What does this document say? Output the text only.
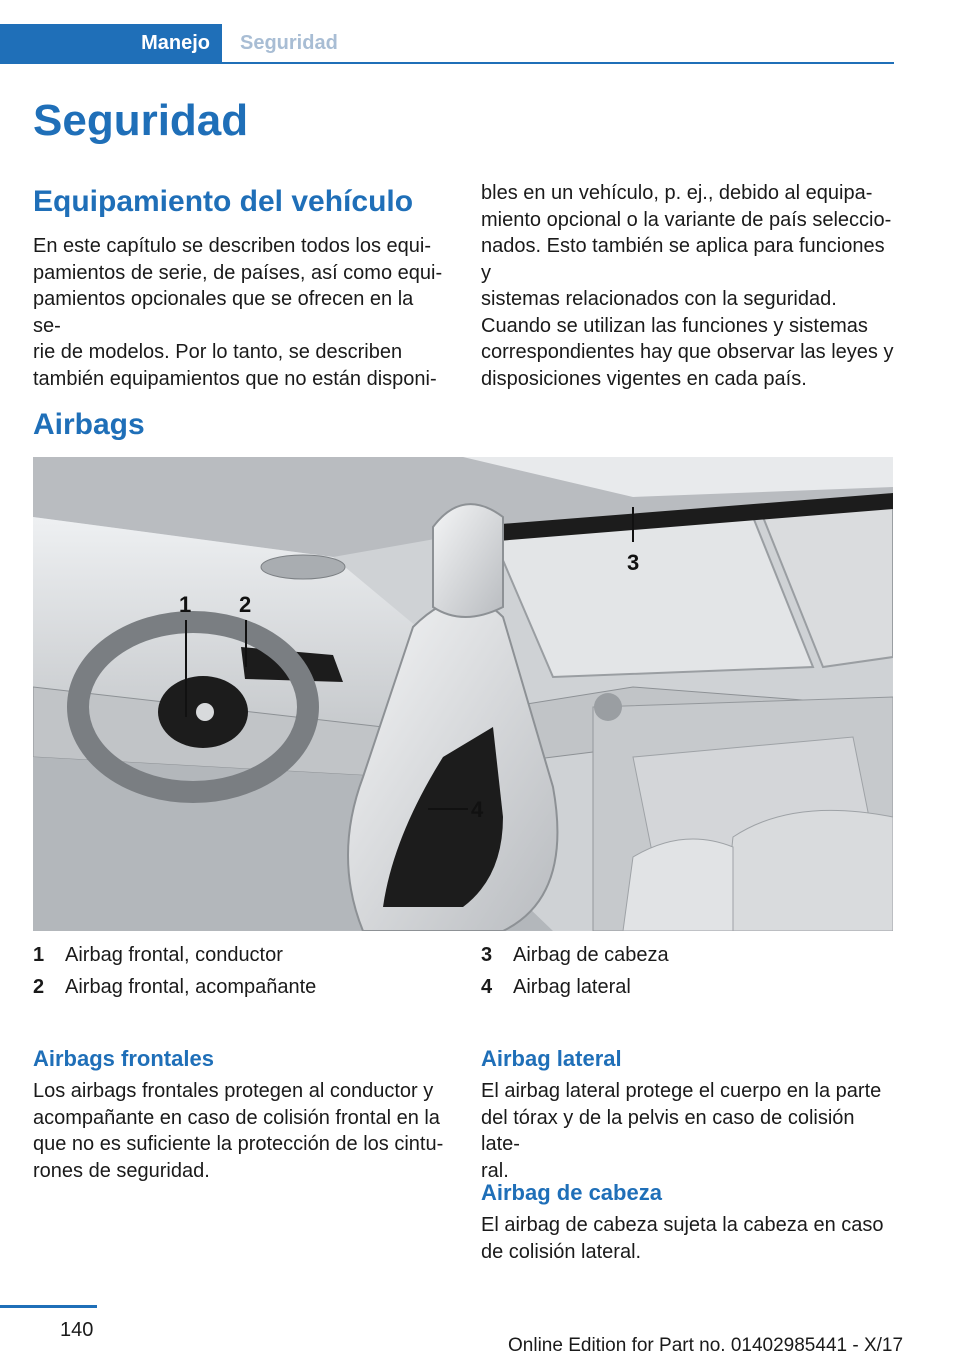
Manejo	Seguridad
Seguridad
Equipamiento del vehículo
En este capítulo se describen todos los equi-
pamientos de serie, de países, así como equi-
pamientos opcionales que se ofrecen en la se-
rie de modelos. Por lo tanto, se describen
también equipamientos que no están disponi-
bles en un vehículo, p. ej., debido al equipa-
miento opcional o la variante de país seleccio-
nados. Esto también se aplica para funciones y
sistemas relacionados con la seguridad.
Cuando se utilizan las funciones y sistemas
correspondientes hay que observar las leyes y
disposiciones vigentes en cada país.
Airbags
1 2
3
4
1 Airbag frontal, conductor
2 Airbag frontal, acompañante
3 Airbag de cabeza
4 Airbag lateral
Airbags frontales
Los airbags frontales protegen al conductor y
acompañante en caso de colisión frontal en la
que no es suficiente la protección de los cintu-
rones de seguridad.
Airbag lateral
El airbag lateral protege el cuerpo en la parte
del tórax y de la pelvis en caso de colisión late-
ral.
Airbag de cabeza
El airbag de cabeza sujeta la cabeza en caso
de colisión lateral.
140
Online Edition for Part no. 01402985441 - X/17
